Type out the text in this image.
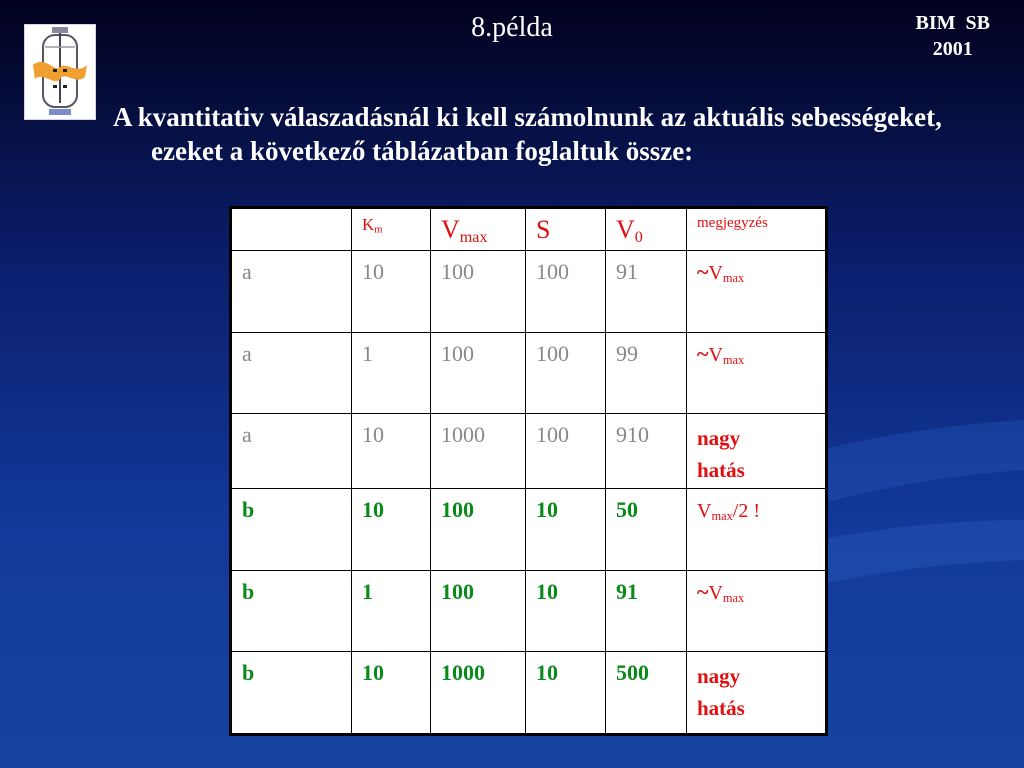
8.példa	BIM  SB
2001
A kvantitativ válaszadásnál ki kell számolnunk az aktuális sebességeket, ezeket a következő táblázatban foglaltuk össze:
	$K_m$	$V_{max}$	S	$V_0$	megjegyzés
a	10	100	100	91	$\sim V_{max}$
a	1	100	100	99	$\sim V_{max}$
a	10	1000	100	910	nagy
hatás

b	10	100	10	50	$V_{max}/2$ !
b	1	100	10	91	$\sim V_{max}$
b	10	1000	10	500	nagy
hatás
